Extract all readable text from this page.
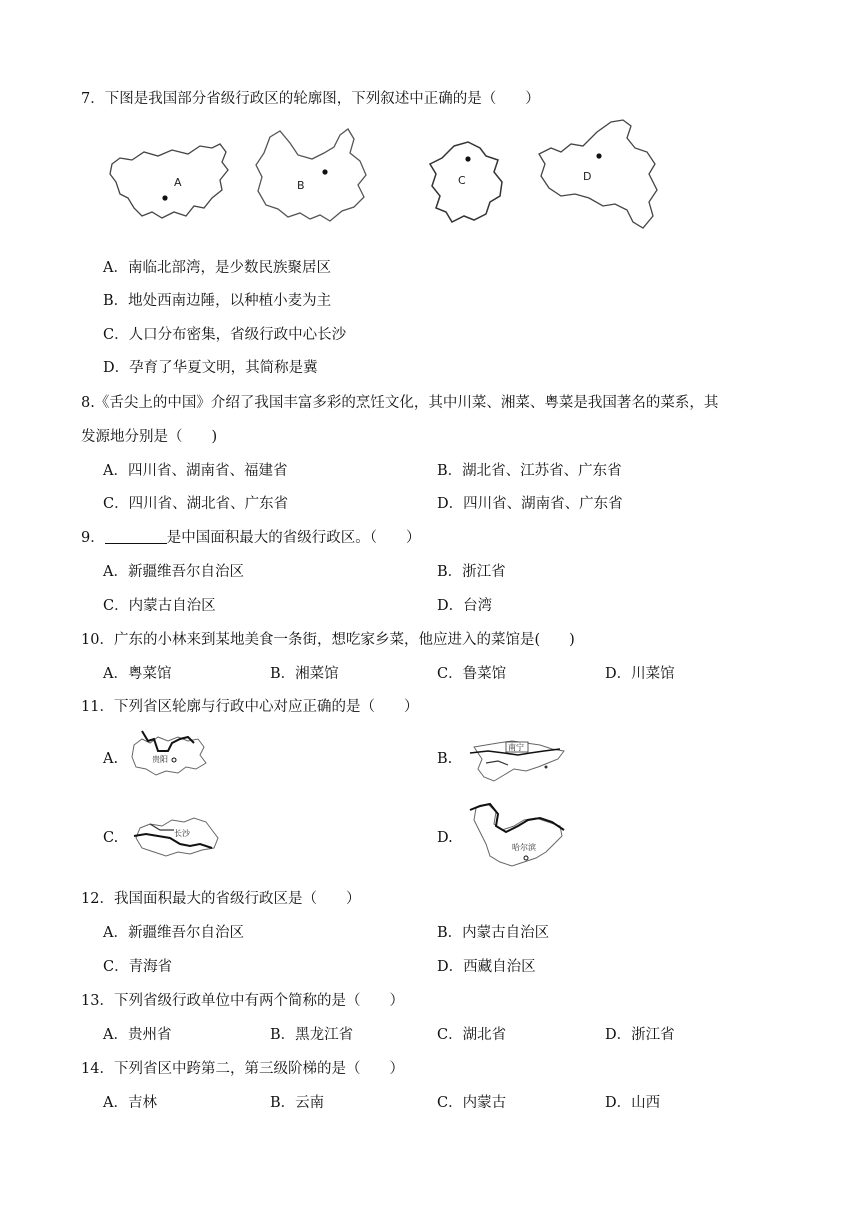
7．下图是我国部分省级行政区的轮廓图，下列叙述中正确的是（　　）
A	B	C	D
A．南临北部湾，是少数民族聚居区
B．地处西南边陲，以种植小麦为主
C．人口分布密集，省级行政中心长沙
D．孕育了华夏文明，其简称是冀
8.《舌尖上的中国》介绍了我国丰富多彩的烹饪文化，其中川菜、湘菜、粤菜是我国著名的菜系，其
发源地分别是（　　)
A．四川省、湖南省、福建省	B．湖北省、江苏省、广东省
C．四川省、湖北省、广东省	D．四川省、湖南省、广东省
9．	是中国面积最大的省级行政区。（　　）
A．新疆维吾尔自治区	B．浙江省
C．内蒙古自治区	D．台湾
10．广东的小林来到某地美食一条街，想吃家乡菜，他应进入的菜馆是(　　)
A．粤菜馆	B．湘菜馆	C．鲁菜馆	D．川菜馆
11．下列省区轮廓与行政中心对应正确的是（　　）
A.	贵阳	B.
南宁
C.	长沙	D.
哈尔滨
12．我国面积最大的省级行政区是（　　）
A．新疆维吾尔自治区	B．内蒙古自治区
C．青海省	D．西藏自治区
13．下列省级行政单位中有两个简称的是（　　）
A．贵州省	B．黑龙江省	C．湖北省	D．浙江省
14．下列省区中跨第二，第三级阶梯的是（　　）
A．吉林	B．云南	C．内蒙古	D．山西
